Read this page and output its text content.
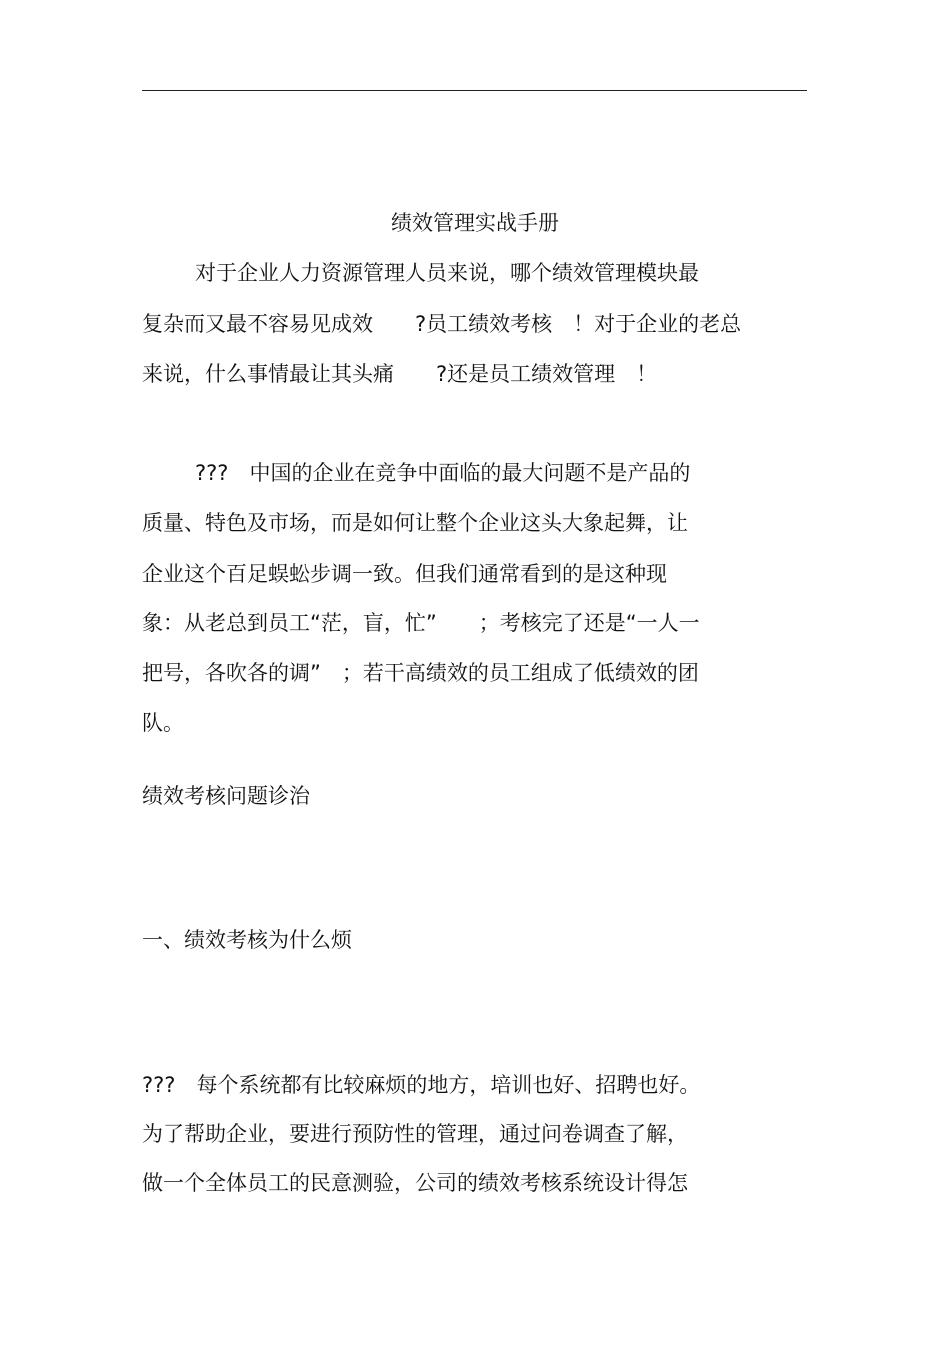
绩效管理实战手册
对于企业人力资源管理人员来说，哪个绩效管理模块最
复杂而又最不容易见成效　　?员工绩效考核　！对于企业的老总
来说，什么事情最让其头痛　　?还是员工绩效管理　！
???　中国的企业在竞争中面临的最大问题不是产品的
质量、特色及市场，而是如何让整个企业这头大象起舞，让
企业这个百足蜈蚣步调一致。但我们通常看到的是这种现
象：从老总到员工“茫，盲，忙”　　；考核完了还是“一人一
把号，各吹各的调”　；若干高绩效的员工组成了低绩效的团
队。
绩效考核问题诊治
一、绩效考核为什么烦
???　每个系统都有比较麻烦的地方，培训也好、招聘也好。
为了帮助企业，要进行预防性的管理，通过问卷调查了解，
做一个全体员工的民意测验，公司的绩效考核系统设计得怎
